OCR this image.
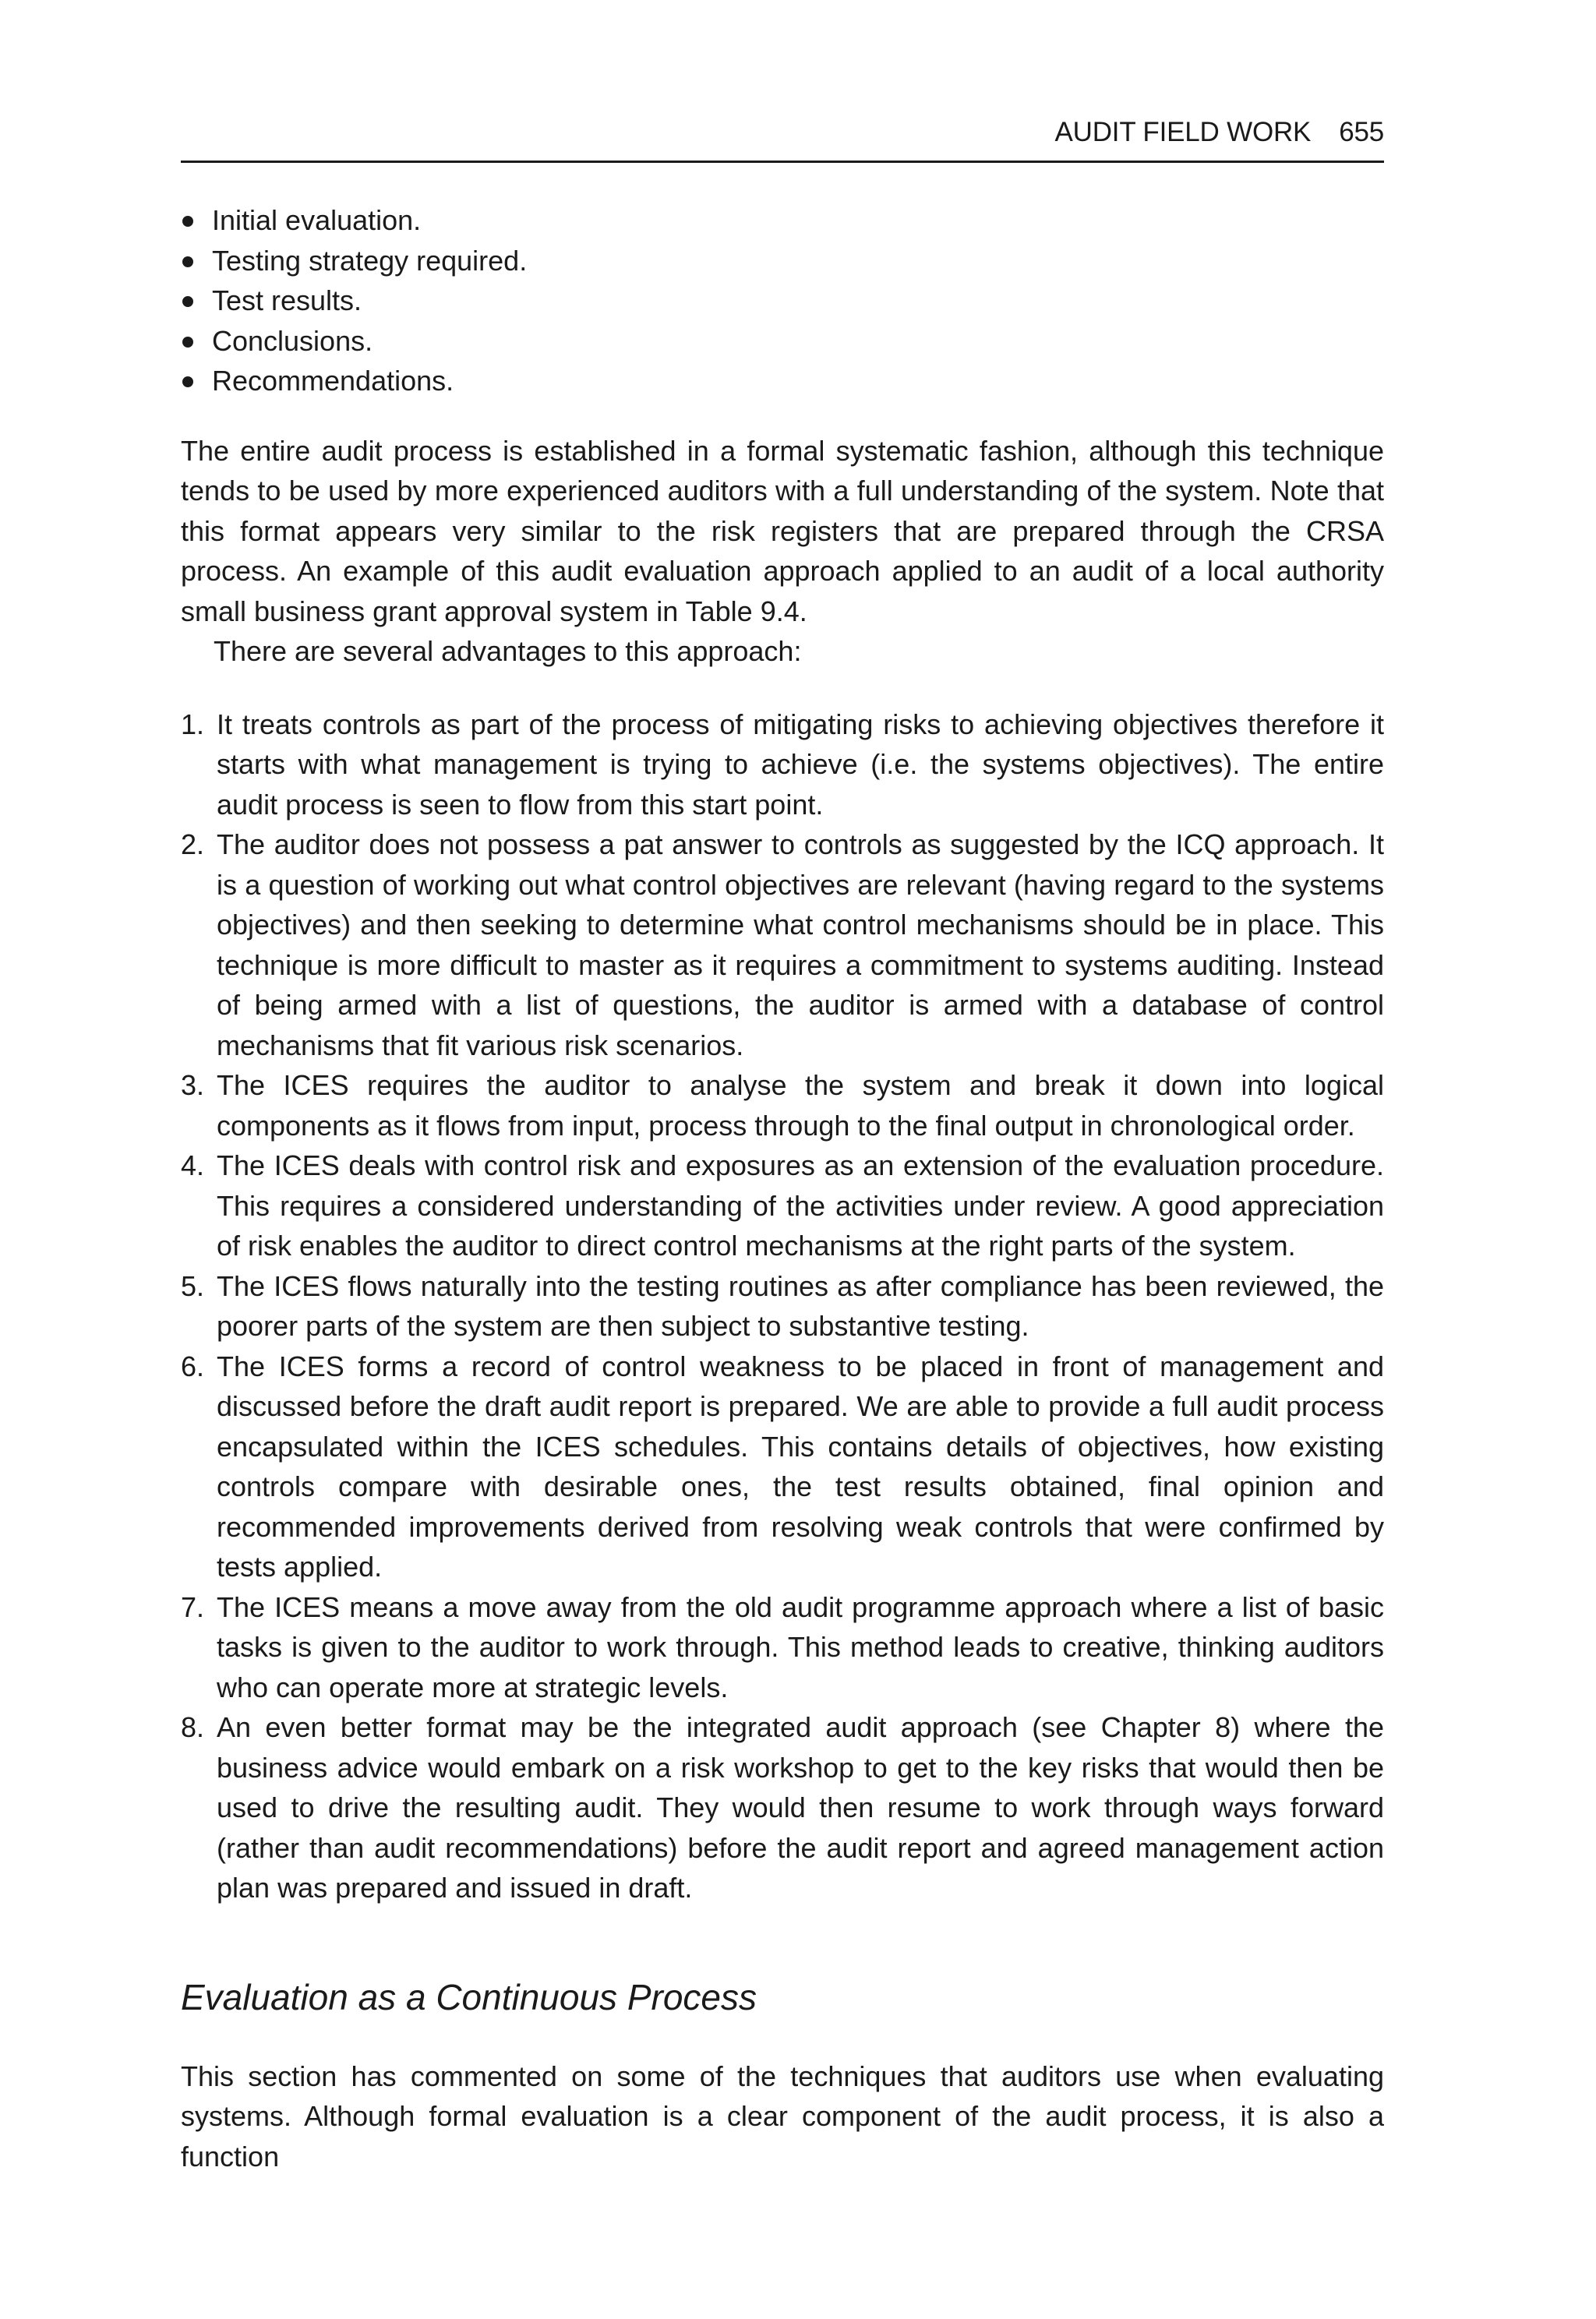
AUDIT FIELD WORK 655
Initial evaluation.
Testing strategy required.
Test results.
Conclusions.
Recommendations.

The entire audit process is established in a formal systematic fashion, although this technique tends to be used by more experienced auditors with a full understanding of the system. Note that this format appears very similar to the risk registers that are prepared through the CRSA process. An example of this audit evaluation approach applied to an audit of a local authority small business grant approval system in Table 9.4.

There are several advantages to this approach:

1. It treats controls as part of the process of mitigating risks to achieving objectives therefore it starts with what management is trying to achieve (i.e. the systems objectives). The entire audit process is seen to flow from this start point.
2. The auditor does not possess a pat answer to controls as suggested by the ICQ approach. It is a question of working out what control objectives are relevant (having regard to the systems objectives) and then seeking to determine what control mechanisms should be in place. This technique is more difficult to master as it requires a commitment to systems auditing. Instead of being armed with a list of questions, the auditor is armed with a database of control mechanisms that fit various risk scenarios.
3. The ICES requires the auditor to analyse the system and break it down into logical components as it flows from input, process through to the final output in chronological order.
4. The ICES deals with control risk and exposures as an extension of the evaluation procedure. This requires a considered understanding of the activities under review. A good appreciation of risk enables the auditor to direct control mechanisms at the right parts of the system.
5. The ICES flows naturally into the testing routines as after compliance has been reviewed, the poorer parts of the system are then subject to substantive testing.
6. The ICES forms a record of control weakness to be placed in front of management and discussed before the draft audit report is prepared. We are able to provide a full audit process encapsulated within the ICES schedules. This contains details of objectives, how existing controls compare with desirable ones, the test results obtained, final opinion and recommended improvements derived from resolving weak controls that were confirmed by tests applied.
7. The ICES means a move away from the old audit programme approach where a list of basic tasks is given to the auditor to work through. This method leads to creative, thinking auditors who can operate more at strategic levels.
8. An even better format may be the integrated audit approach (see Chapter 8) where the business advice would embark on a risk workshop to get to the key risks that would then be used to drive the resulting audit. They would then resume to work through ways forward (rather than audit recommendations) before the audit report and agreed management action plan was prepared and issued in draft.
Evaluation as a Continuous Process

This section has commented on some of the techniques that auditors use when evaluating systems. Although formal evaluation is a clear component of the audit process, it is also a function
